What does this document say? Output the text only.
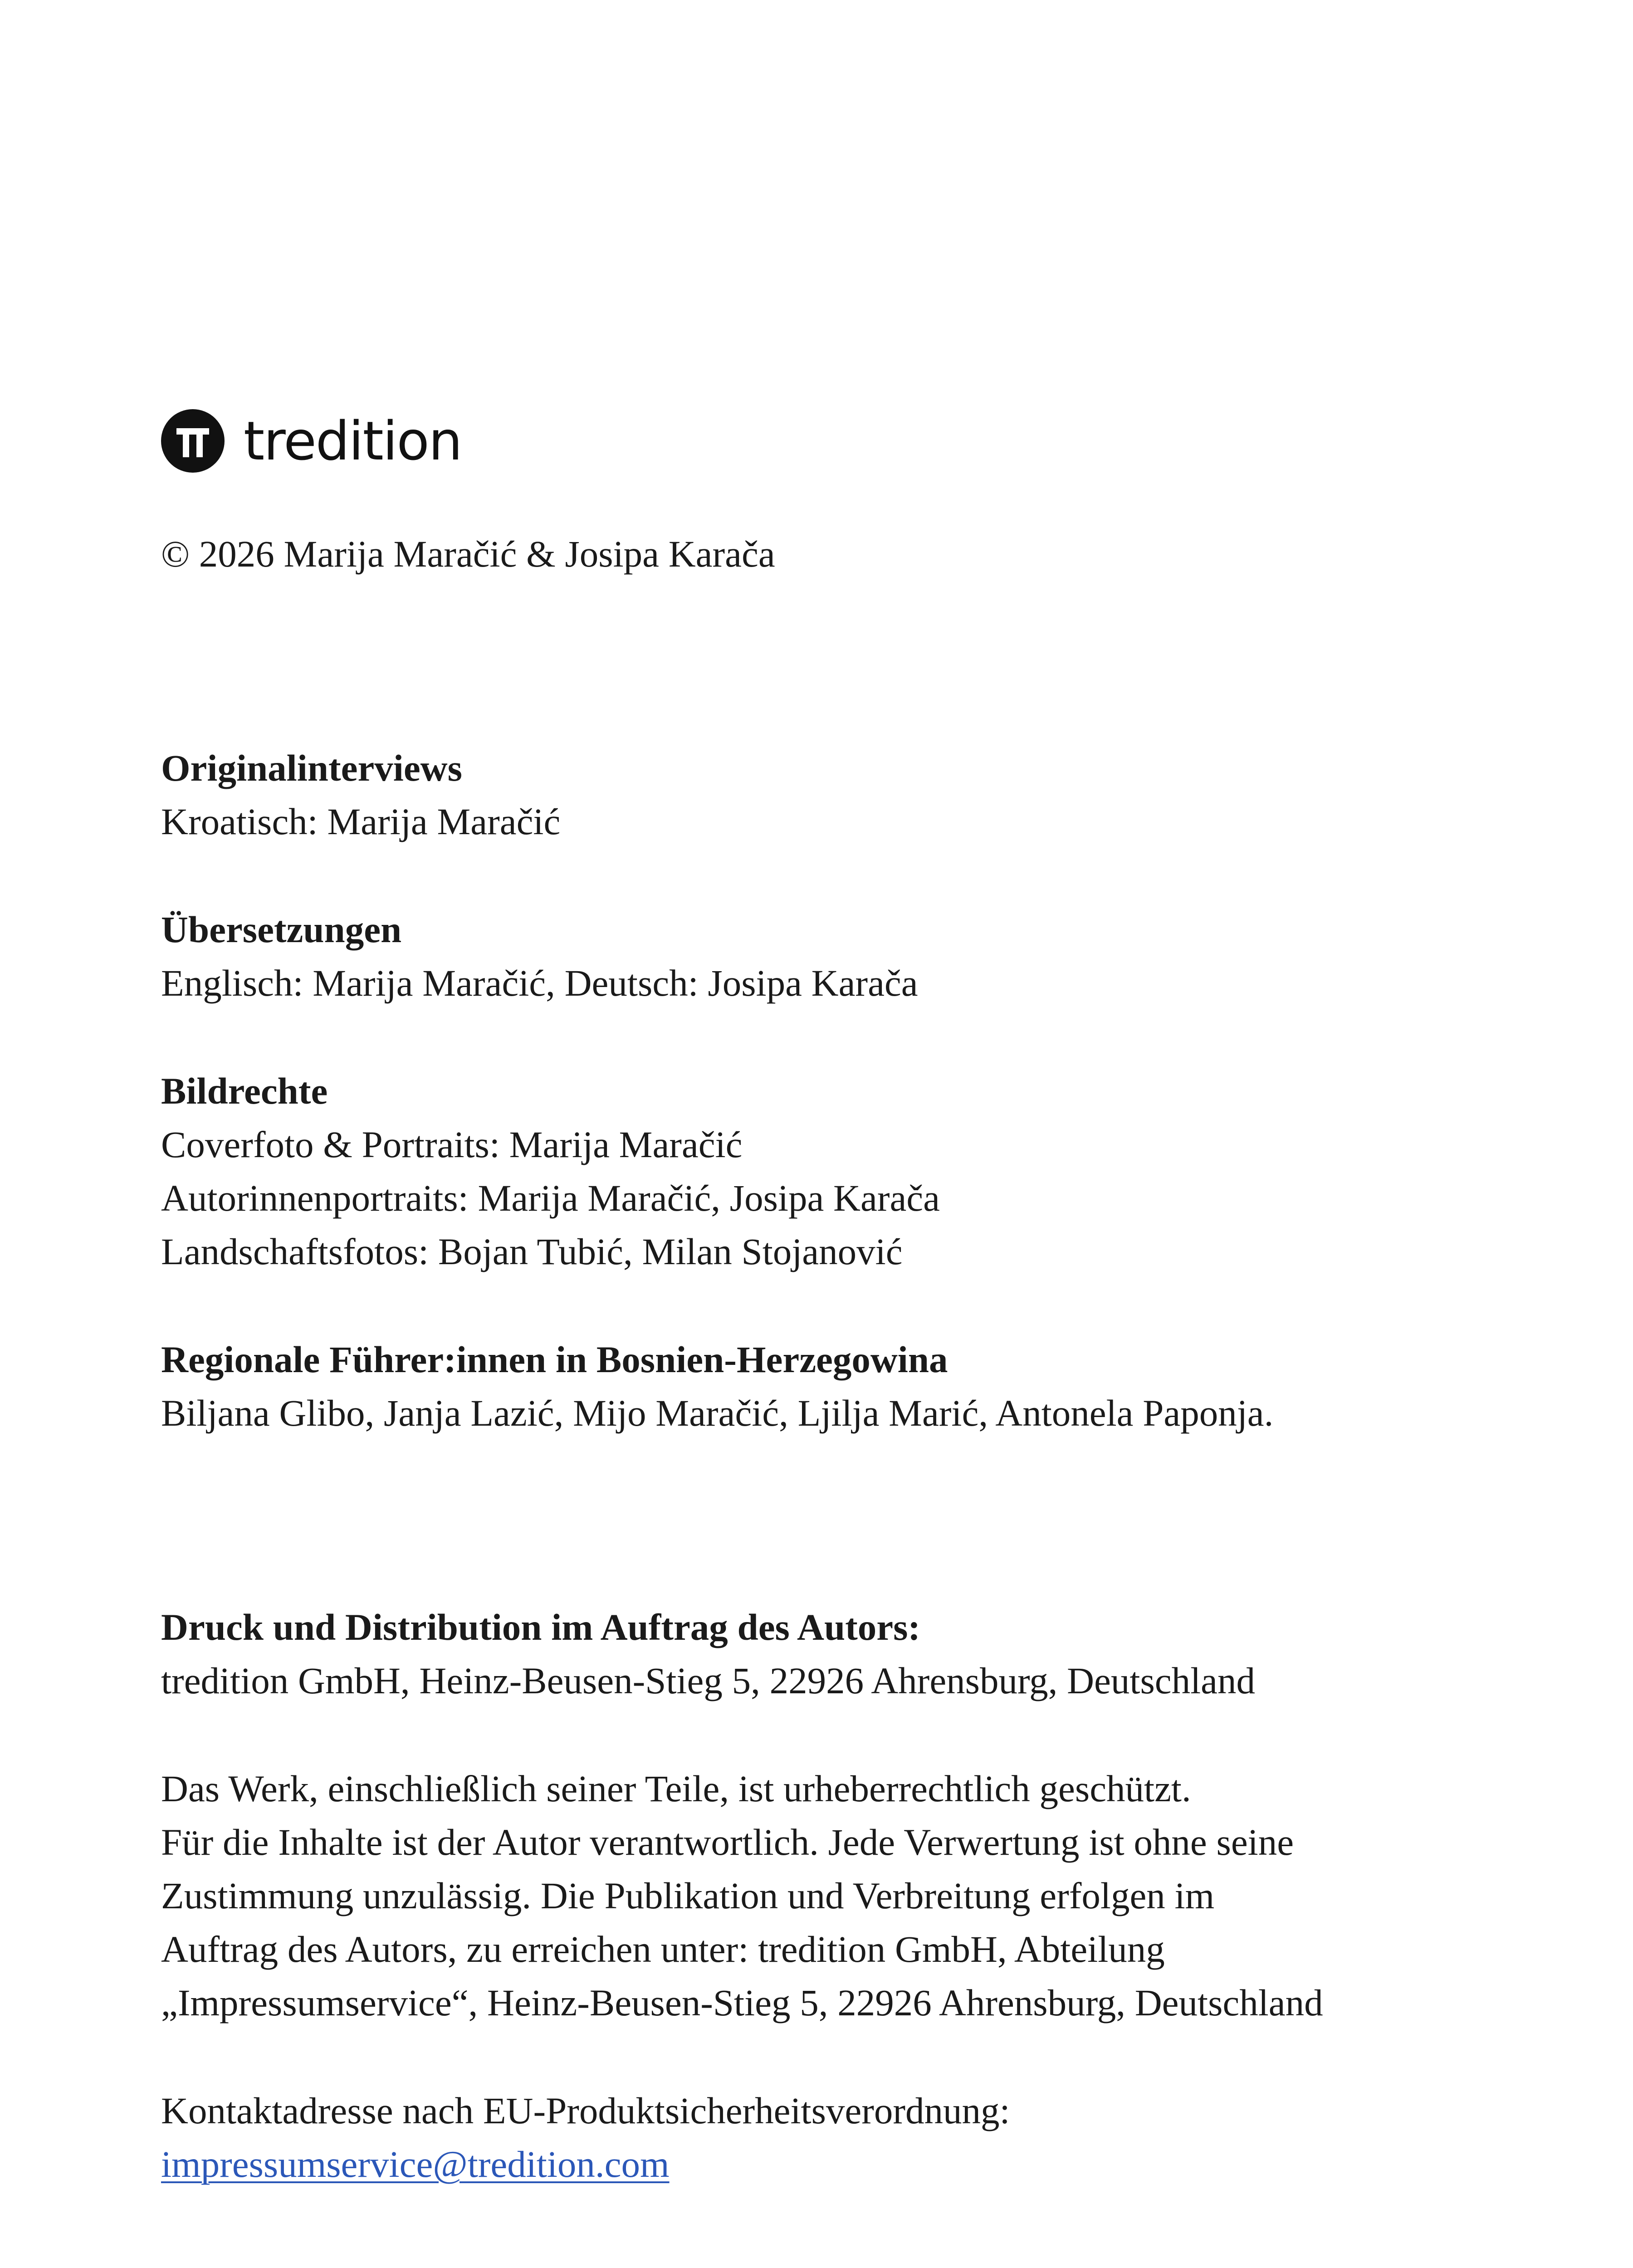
tredition

© 2026 Marija Maračić & Josipa Karača

Originalinterviews

Kroatisch: Marija Maračić

Übersetzungen

Englisch: Marija Maračić, Deutsch: Josipa Karača

Bildrechte

Coverfoto & Portraits: Marija Maračić

Autorinnenportraits: Marija Maračić, Josipa Karača

Landschaftsfotos: Bojan Tubić, Milan Stojanović

Regionale Führer:innen in Bosnien-Herzegowina

Biljana Glibo, Janja Lazić, Mijo Maračić, Ljilja Marić, Antonela Paponja.

Druck und Distribution im Auftrag des Autors:

tredition GmbH, Heinz-Beusen-Stieg 5, 22926 Ahrensburg, Deutschland

Das Werk, einschließlich seiner Teile, ist urheberrechtlich geschützt.

Für die Inhalte ist der Autor verantwortlich. Jede Verwertung ist ohne seine

Zustimmung unzulässig. Die Publikation und Verbreitung erfolgen im

Auftrag des Autors, zu erreichen unter: tredition GmbH, Abteilung

„Impressumservice“, Heinz-Beusen-Stieg 5, 22926 Ahrensburg, Deutschland

Kontaktadresse nach EU-Produktsicherheitsverordnung:

impressumservice@tredition.com
